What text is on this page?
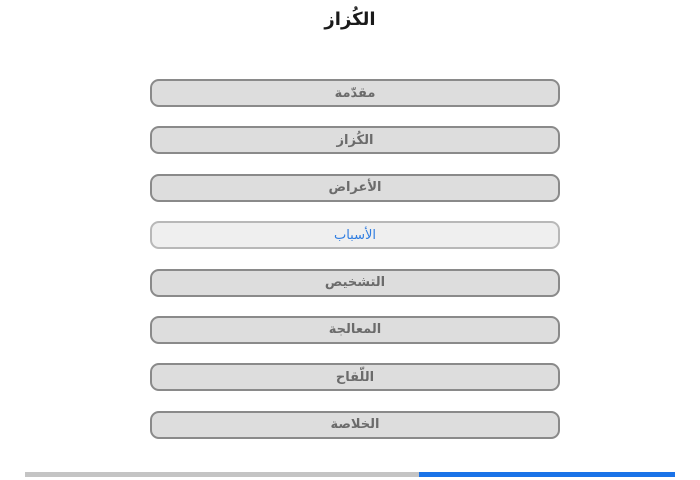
الكُزاز
مقدّمة
الكُزاز
الأعراض
الأسباب
التشخيص
المعالجة
اللّقاح
الخلاصة
